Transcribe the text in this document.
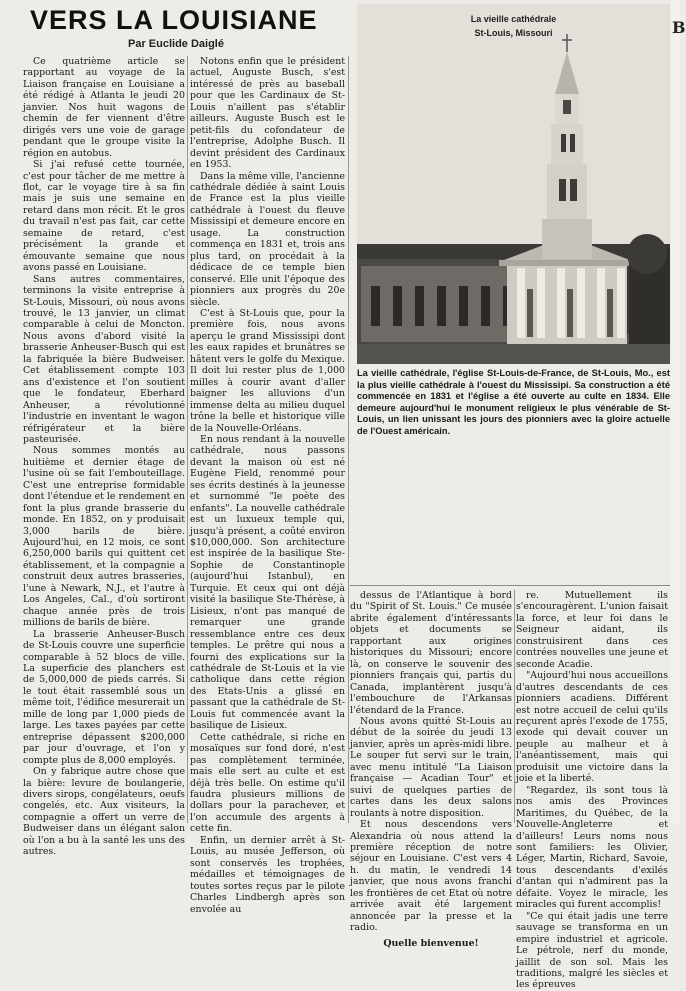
VERS LA LOUISIANE
Par Euclide Daiglé

Ce quatrième article se rapportant au voyage de la Liaison française en Louisiane a été rédigé à Atlanta le jeudi 20 janvier. Nos huit wagons de chemin de fer viennent d'être dirigés vers une voie de garage pendant que le groupe visite la région en autobus.

Si j'ai refusé cette tournée, c'est pour tâcher de me mettre à flot, car le voyage tire à sa fin mais je suis une semaine en retard dans mon récit. Et le gros du travail n'est pas fait, car cette semaine de retard, c'est précisément la grande et émouvante semaine que nous avons passé en Louisiane.

Sans autres commentaires, terminons la visite entreprise à St-Louis, Missouri, où nous avons trouvé, le 13 janvier, un climat comparable à celui de Moncton. Nous avons d'abord visité la brasserie Anheuser-Busch qui est la fabriquée la bière Budweiser. Cet établissement compte 103 ans d'existence et l'on soutient que le fondateur, Eberhard Anheuser, a révolutionné l'industrie en inventant le wagon réfrigérateur et la bière pasteurisée.

Nous sommes montés au huitième et dernier étage de l'usine où se fait l'embouteillage. C'est une entreprise formidable dont l'étendue et le rendement en font la plus grande brasserie du monde. En 1852, on y produisait 3,000 barils de bière. Aujourd'hui, en 12 mois, ce sont 6,250,000 barils qui quittent cet établissement, et la compagnie a construit deux autres brasseries, l'une à Newark, N.J., et l'autre à Los Angeles, Cal., d'où sortiront chaque année près de trois millions de barils de bière.

La brasserie Anheuser-Busch de St-Louis couvre une superficie comparable à 52 blocs de ville. La superficie des planchers est de 5,000,000 de pieds carrés. Si le tout était rassemblé sous un même toit, l'édifice mesurerait un mille de long par 1,000 pieds de large. Les taxes payées par cette entreprise dépassent $200,000 par jour d'ouvrage, et l'on y compte plus de 8,000 employés.

On y fabrique autre chose que la bière: levure de boulangerie, divers sirops, congélateurs, oeufs congelés, etc. Aux visiteurs, la compagnie a offert un verre de Budweiser dans un élégant salon où l'on a bu à la santé les uns des autres.

Notons enfin que le président actuel, Auguste Busch, s'est intéressé de près au baseball pour que les Cardinaux de St-Louis n'aillent pas s'établir ailleurs. Auguste Busch est le petit-fils du cofondateur de l'entreprise, Adolphe Busch. Il devint président des Cardinaux en 1953.

Dans la même ville, l'ancienne cathédrale dédiée à saint Louis de France est la plus vieille cathédrale à l'ouest du fleuve Mississipi et demeure encore en usage. La construction commença en 1831 et, trois ans plus tard, on procédait à la dédicace de ce temple bien conservé. Elle unit l'époque des pionniers aux progrès du 20e siècle.

C'est à St-Louis que, pour la première fois, nous avons aperçu le grand Mississipi dont les eaux rapides et brunâtres se hâtent vers le golfe du Mexique. Il doit lui rester plus de 1,000 milles à courir avant d'aller baigner les alluvions d'un immense delta au milieu duquel trône la belle et historique ville de la Nouvelle-Orléans.

En nous rendant à la nouvelle cathédrale, nous passons devant la maison où est né Eugène Field, renommé pour ses écrits destinés à la jeunesse et surnommé "le poète des enfants". La nouvelle cathédrale est un luxueux temple qui, jusqu'à présent, a coûté environ $10,000,000. Son architecture est inspirée de la basilique Ste-Sophie de Constantinople (aujourd'hui Istanbul), en Turquie. Et ceux qui ont déjà visité la basilique Ste-Thérèse, à Lisieux, n'ont pas manqué de remarquer une grande ressemblance entre ces deux temples. Le prêtre qui nous a fourni des explications sur la cathédrale de St-Louis et la vie catholique dans cette région des Etats-Unis a glissé en passant que la cathédrale de St-Louis fut commencée avant la basilique de Lisieux.

Cette cathédrale, si riche en mosaïques sur fond doré, n'est pas complètement terminée, mais elle sert au culte et est déjà très belle. On estime qu'il faudra plusieurs millions de dollars pour la parachever, et l'on accumule des argents à cette fin.

Enfin, un dernier arrêt à St-Louis, au musée Jefferson, où sont conservés les trophées, médailles et témoignages de toutes sortes reçus par le pilote Charles Lindbergh après son envolée au

La vieille cathédrale
St-Louis, Missouri

La vieille cathédrale, l'église St-Louis-de-France, de St-Louis, Mo., est la plus vieille cathédrale à l'ouest du Mississipi. Sa construction a été commencée en 1831 et l'église a été ouverte au culte en 1834. Elle demeure aujourd'hui le monument religieux le plus vénérable de St-Louis, un lien unissant les jours des pionniers avec la gloire actuelle de l'Ouest américain.

dessus de l'Atlantique à bord du "Spirit of St. Louis." Ce musée abrite également d'intéressants objets et documents se rapportant aux origines historiques du Missouri; encore là, on conserve le souvenir des pionniers français qui, partis du Canada, implantèrent jusqu'à l'embouchure de l'Arkansas l'étendard de la France.

Nous avons quitté St-Louis au début de la soirée du jeudi 13 janvier, après un après-midi libre. Le souper fut servi sur le train, avec menu intitulé "La Liaison française — Acadian Tour" et suivi de quelques parties de cartes dans les deux salons roulants à notre disposition.

Et nous descendons vers Alexandria où nous attend la première réception de notre séjour en Louisiane. C'est vers 4 h. du matin, le vendredi 14 janvier, que nous avons franchi les frontières de cet Etat où notre arrivée avait été largement annoncée par la presse et la radio.

Quelle bienvenue!

re. Mutuellement ils s'encouragèrent. L'union faisait la force, et leur foi dans le Seigneur aidant, ils construisirent dans ces contrées nouvelles une jeune et seconde Acadie.

"Aujourd'hui nous accueillons d'autres descendants de ces pionniers acadiens. Différent est notre accueil de celui qu'ils reçurent après l'exode de 1755, exode qui devait couver un peuple au malheur et à l'anéantissement, mais qui produisit une victoire dans la joie et la liberté.

"Regardez, ils sont tous là nos amis des Provinces Maritimes, du Québec, de la Nouvelle-Angleterre et d'ailleurs! Leurs noms nous sont familiers: les Olivier, Léger, Martin, Richard, Savoie, tous descendants d'exilés d'antan qui n'admirent pas la défaite. Voyez le miracle, les miracles qui furent accomplis!

"Ce qui était jadis une terre sauvage se transforma en un empire industriel et agricole. Le pétrole, nerf du monde, jaillit de son sol. Mais les traditions, malgré les siècles et les épreuves

B
